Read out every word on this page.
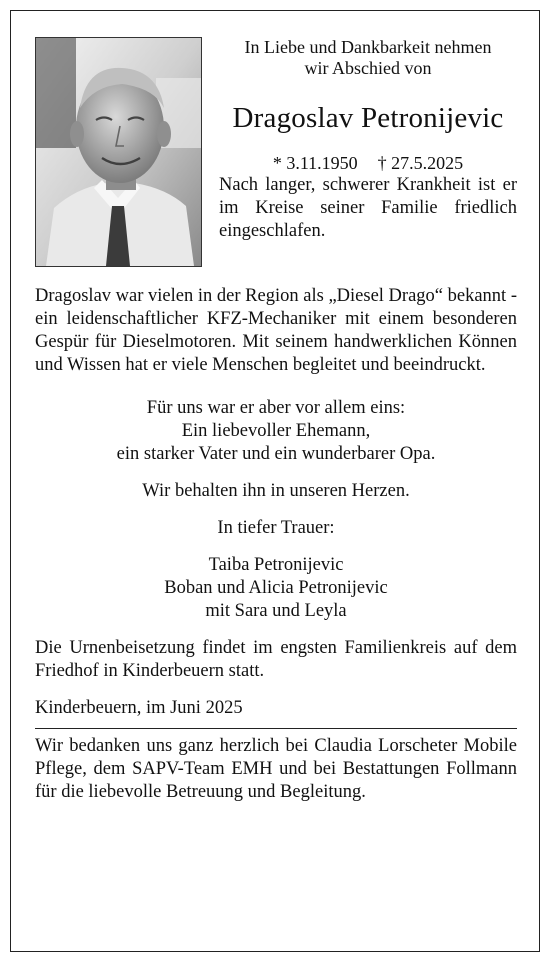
In Liebe und Dankbarkeit nehmen

wir Abschied von

Dragoslav Petronijevic

* 3.11.1950 † 27.5.2025

Nach langer, schwerer Krankheit ist er im Kreise seiner Familie friedlich eingeschlafen.

Dragoslav war vielen in der Region als „Diesel Drago“ bekannt - ein leidenschaftlicher KFZ-Mechaniker mit einem besonderen Gespür für Dieselmotoren. Mit seinem handwerklichen Können und Wissen hat er viele Menschen begleitet und beeindruckt.

Für uns war er aber vor allem eins:

Ein liebevoller Ehemann,

ein starker Vater und ein wunderbarer Opa.

Wir behalten ihn in unseren Herzen.

In tiefer Trauer:

Taiba Petronijevic

Boban und Alicia Petronijevic

mit Sara und Leyla

Die Urnenbeisetzung findet im engsten Familienkreis auf dem Friedhof in Kinderbeuern statt.

Kinderbeuern, im Juni 2025

Wir bedanken uns ganz herzlich bei Claudia Lorscheter Mobile Pflege, dem SAPV-Team EMH und bei Bestattungen Follmann für die liebevolle Betreuung und Begleitung.
